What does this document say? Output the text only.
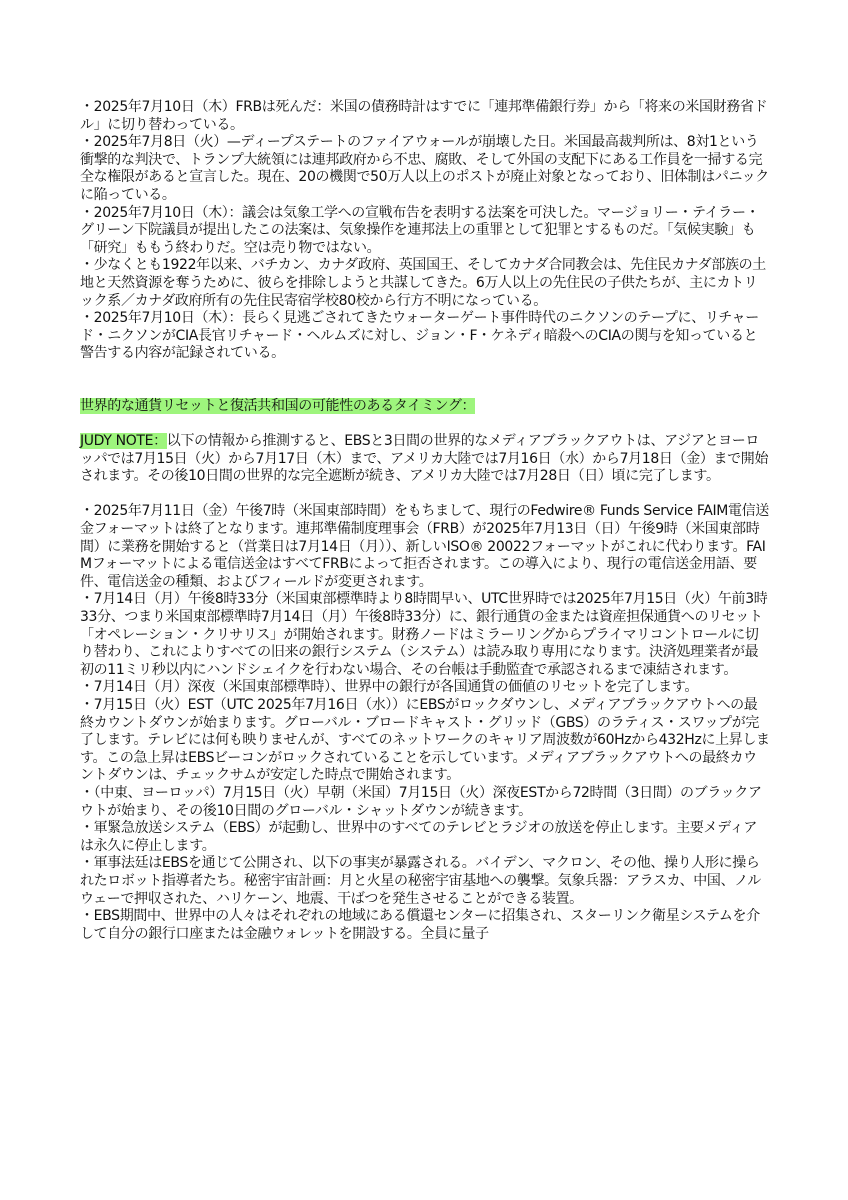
・2025年7月10日（木）FRBは死んだ：米国の債務時計はすでに「連邦準備銀行券」から「将来の米国財務省ドル」に切り替わっている。

・2025年7月8日（火）—ディープステートのファイアウォールが崩壊した日。米国最高裁判所は、8対1という衝撃的な判決で、トランプ大統領には連邦政府から不忠、腐敗、そして外国の支配下にある工作員を一掃する完全な権限があると宣言した。現在、20の機関で50万人以上のポストが廃止対象となっており、旧体制はパニックに陥っている。

・2025年7月10日（木）：議会は気象工学への宣戦布告を表明する法案を可決した。マージョリー・テイラー・グリーン下院議員が提出したこの法案は、気象操作を連邦法上の重罪として犯罪とするものだ。「気候実験」も「研究」ももう終わりだ。空は売り物ではない。

・少なくとも1922年以来、バチカン、カナダ政府、英国国王、そしてカナダ合同教会は、先住民カナダ部族の土地と天然資源を奪うために、彼らを排除しようと共謀してきた。6万人以上の先住民の子供たちが、主にカトリック系／カナダ政府所有の先住民寄宿学校80校から行方不明になっている。

・2025年7月10日（木）：長らく見逃ごされてきたウォーターゲート事件時代のニクソンのテープに、リチャード・ニクソンがCIA長官リチャード・ヘルムズに対し、ジョン・F・ケネディ暗殺へのCIAの関与を知っていると警告する内容が記録されている。

世界的な通貨リセットと復活共和国の可能性のあるタイミング：

JUDY NOTE：以下の情報から推測すると、EBSと3日間の世界的なメディアブラックアウトは、アジアとヨーロッパでは7月15日（火）から7月17日（木）まで、アメリカ大陸では7月16日（水）から7月18日（金）まで開始されます。その後10日間の世界的な完全遮断が続き、アメリカ大陸では7月28日（日）頃に完了します。

・2025年7月11日（金）午後7時（米国東部時間）をもちまして、現行のFedwire® Funds Service FAIM電信送金フォーマットは終了となります。連邦準備制度理事会（FRB）が2025年7月13日（日）午後9時（米国東部時間）に業務を開始すると（営業日は7月14日（月））、新しいISO® 20022フォーマットがこれに代わります。FAIMフォーマットによる電信送金はすべてFRBによって拒否されます。この導入により、現行の電信送金用語、要件、電信送金の種類、およびフィールドが変更されます。

・7月14日（月）午後8時33分（米国東部標準時より8時間早い、UTC世界時では2025年7月15日（火）午前3時33分、つまり米国東部標準時7月14日（月）午後8時33分）に、銀行通貨の金または資産担保通貨へのリセット「オペレーション・クリサリス」が開始されます。財務ノードはミラーリングからプライマリコントロールに切り替わり、これによりすべての旧来の銀行システム（システム）は読み取り専用になります。決済処理業者が最初の11ミリ秒以内にハンドシェイクを行わない場合、その台帳は手動監査で承認されるまで凍結されます。

・7月14日（月）深夜（米国東部標準時）、世界中の銀行が各国通貨の価値のリセットを完了します。

・7月15日（火）EST（UTC 2025年7月16日（水））にEBSがロックダウンし、メディアブラックアウトへの最終カウントダウンが始まります。グローバル・ブロードキャスト・グリッド（GBS）のラティス・スワップが完了します。テレビには何も映りませんが、すべてのネットワークのキャリア周波数が60Hzから432Hzに上昇します。この急上昇はEBSビーコンがロックされていることを示しています。メディアブラックアウトへの最終カウントダウンは、チェックサムが安定した時点で開始されます。

・（中東、ヨーロッパ）7月15日（火）早朝（米国）7月15日（火）深夜ESTから72時間（3日間）のブラックアウトが始まり、その後10日間のグローバル・シャットダウンが続きます。

・軍緊急放送システム（EBS）が起動し、世界中のすべてのテレビとラジオの放送を停止します。主要メディアは永久に停止します。

・軍事法廷はEBSを通じて公開され、以下の事実が暴露される。バイデン、マクロン、その他、操り人形に操られたロボット指導者たち。秘密宇宙計画：月と火星の秘密宇宙基地への襲撃。気象兵器：アラスカ、中国、ノルウェーで押収された、ハリケーン、地震、干ばつを発生させることができる装置。

・EBS期間中、世界中の人々はそれぞれの地域にある償還センターに招集され、スターリンク衛星システムを介して自分の銀行口座または金融ウォレットを開設する。全員に量子
